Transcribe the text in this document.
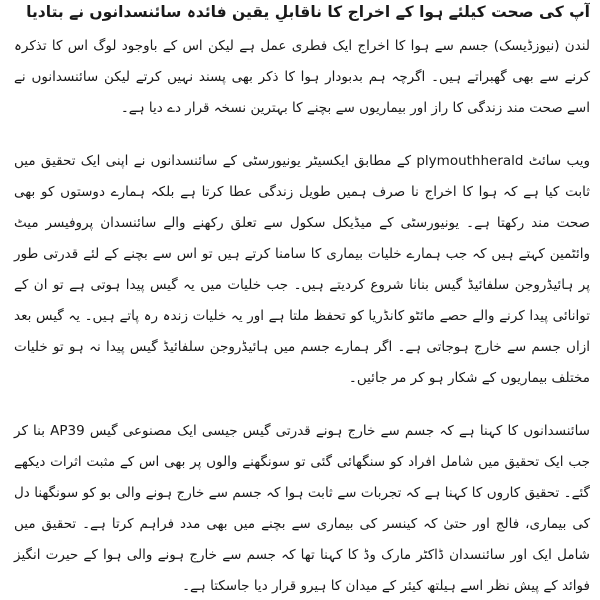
آپ کی صحت کیلئے ہوا کے اخراج کا ناقابلِ یقین فائدہ سائنسدانوں نے بتادیا

لندن (نیوزڈیسک) جسم سے ہوا کا اخراج ایک فطری عمل ہے لیکن اس کے باوجود لوگ اس کا تذکرہ کرنے سے بھی گھبراتے ہیں۔ اگرچہ ہم بدبودار ہوا کا ذکر بھی پسند نہیں کرتے لیکن سائنسدانوں نے اسے صحت مند زندگی کا راز اور بیماریوں سے بچنے کا بہترین نسخہ قرار دے دیا ہے۔

ویب سائٹ plymouthherald کے مطابق ایکسیٹر یونیورسٹی کے سائنسدانوں نے اپنی ایک تحقیق میں ثابت کیا ہے کہ ہوا کا اخراج نا صرف ہمیں طویل زندگی عطا کرتا ہے بلکہ ہمارے دوستوں کو بھی صحت مند رکھتا ہے۔ یونیورسٹی کے میڈیکل سکول سے تعلق رکھنے والے سائنسدان پروفیسر میٹ وائٹمین کہتے ہیں کہ جب ہمارے خلیات بیماری کا سامنا کرتے ہیں تو اس سے بچنے کے لئے قدرتی طور پر ہائیڈروجن سلفائیڈ گیس بنانا شروع کردیتے ہیں۔ جب خلیات میں یہ گیس پیدا ہوتی ہے تو ان کے توانائی پیدا کرنے والے حصے مائٹو کانڈریا کو تحفظ ملتا ہے اور یہ خلیات زندہ رہ پاتے ہیں۔ یہ گیس بعد ازاں جسم سے خارج ہوجاتی ہے۔ اگر ہمارے جسم میں ہائیڈروجن سلفائیڈ گیس پیدا نہ ہو تو خلیات مختلف بیماریوں کے شکار ہو کر مر جائیں۔

سائنسدانوں کا کہنا ہے کہ جسم سے خارج ہونے قدرتی گیس جیسی ایک مصنوعی گیس AP39 بنا کر جب ایک تحقیق میں شامل افراد کو سنگھائی گئی تو سونگھنے والوں پر بھی اس کے مثبت اثرات دیکھے گئے۔ تحقیق کاروں کا کہنا ہے کہ تجربات سے ثابت ہوا کہ جسم سے خارج ہونے والی بو کو سونگھنا دل کی بیماری، فالج اور حتیٰ کہ کینسر کی بیماری سے بچنے میں بھی مدد فراہم کرتا ہے۔ تحقیق میں شامل ایک اور سائنسدان ڈاکٹر مارک وڈ کا کہنا تھا کہ جسم سے خارج ہونے والی ہوا کے حیرت انگیز فوائد کے پیش نظر اسے ہیلتھ کیئر کے میدان کا ہیرو قرار دیا جاسکتا ہے۔
